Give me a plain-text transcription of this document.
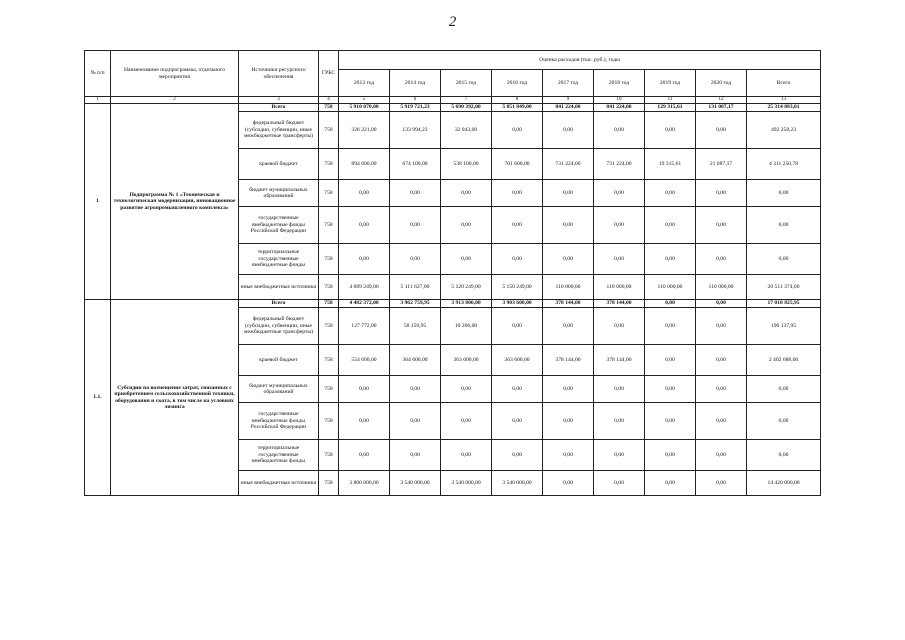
2
№ п/п	Наименование подпрограммы, отдельного мероприятия	Источники ресурсного обеспечения	ГРБС	Оценка расходов (тыс. руб.), годы								
				2013 год	2014 год	2015 год	2016 год	2017 год	2018 год	2019 год	2020 год	Всего
1	2	3	4	5	6	7	8	9	10	11	12	13
1	Подпрограмма № 1 «Техническая и технологическая модернизация, инновационное развитие агропромышленного комплекса»	Всего	758	5 910 070,00	5 919 721,23	5 690 392,00	5 851 849,00	841 224,00	841 224,00	129 315,61	131 087,17	25 314 883,01
		федеральный бюджет (субсидии, субвенции, иные межбюджетные трансферты)	758	326 221,00	133 994,23	32 043,00	0,00	0,00	0,00	0,00	0,00	492 258,23
		краевой бюджет	758	894 600,00	674 100,00	538 100,00	701 600,00	731 224,00	731 224,00	19 315,61	21 087,17	4 311 250,78
		бюджет муниципальных образований	758	0,00	0,00	0,00	0,00	0,00	0,00	0,00	0,00	0,00
		государственные внебюджетные фонды Российской Федерации	758	0,00	0,00	0,00	0,00	0,00	0,00	0,00	0,00	0,00
		территориальные государственные внебюджетные фонды	758	0,00	0,00	0,00	0,00	0,00	0,00	0,00	0,00	0,00
		иные внебюджетные источники	758	4 689 249,00	5 111 627,00	5 120 249,00	5 150 249,00	110 000,00	110 000,00	110 000,00	110 000,00	20 511 374,00
1.1.	Субсидии на возмещение затрат, связанных с приобретением сельскохозяйственной техники, оборудования и скота, в том числе на условиях лизинга	Всего	758	4 482 372,00	3 962 759,95	3 913 806,00	3 903 600,00	378 144,00	378 144,00	0,00	0,00	17 018 825,95
		федеральный бюджет (субсидии, субвенции, иные межбюджетные трансферты)	758	127 772,00	58 159,95	10 206,00	0,00	0,00	0,00	0,00	0,00	196 137,95
		краевой бюджет	758	554 600,00	364 600,00	363 600,00	363 600,00	378 144,00	378 144,00	0,00	0,00	2 402 688,00
		бюджет муниципальных образований	758	0,00	0,00	0,00	0,00	0,00	0,00	0,00	0,00	0,00
		государственные внебюджетные фонды Российской Федерации	758	0,00	0,00	0,00	0,00	0,00	0,00	0,00	0,00	0,00
		территориальные государственные внебюджетные фонды	758	0,00	0,00	0,00	0,00	0,00	0,00	0,00	0,00	0,00
		иные внебюджетные источники	758	3 800 000,00	3 540 000,00	3 540 000,00	3 540 000,00	0,00	0,00	0,00	0,00	14 420 000,00
